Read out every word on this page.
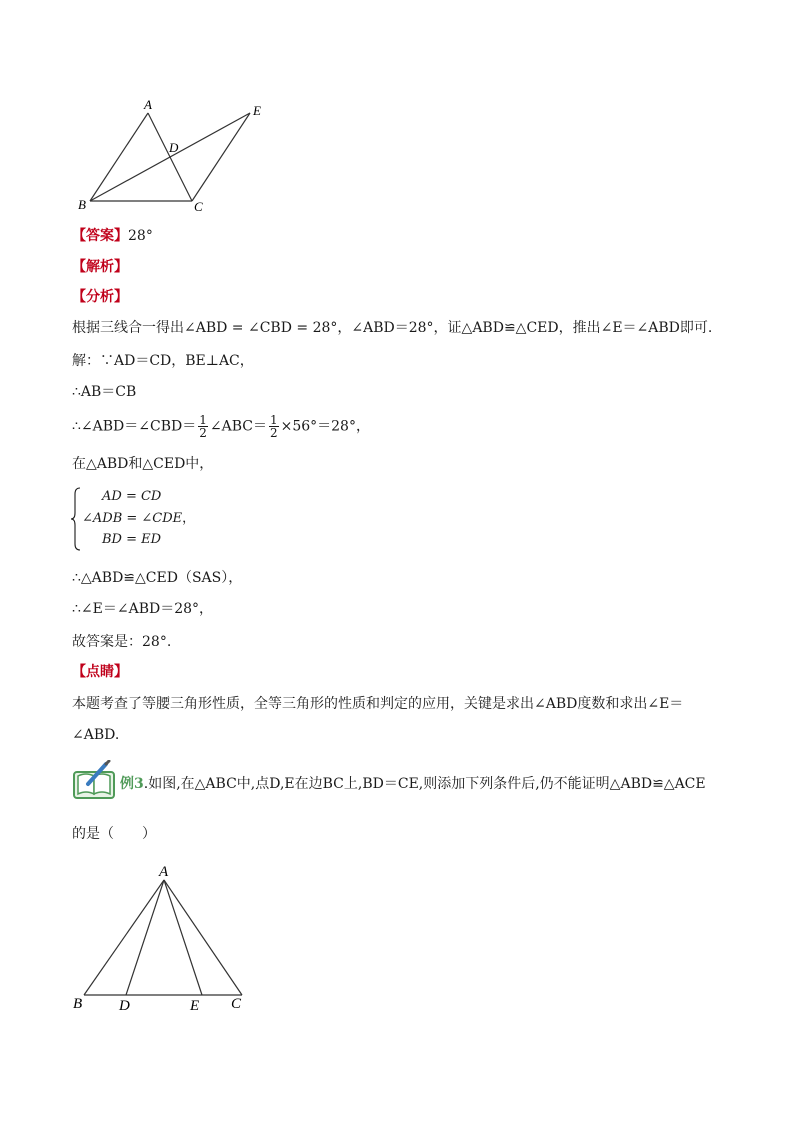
A
B	C
D
E
【答案】28°
【解析】
【分析】
根据三线合一得出∠ABD = ∠CBD = 28°，∠ABD＝28°，证△ABD≌△CED，推出∠E＝∠ABD即可.
解：∵AD＝CD，BE⊥AC，
∴AB＝CB
∴∠ABD＝∠CBD＝ $\frac{1}{2}$ ∠ABC＝ $\frac{1}{2} \times 56^\circ=28^\circ$，
在△ABD和△CED中，
AD = CD
∠ADB = ∠CDE，
BD = ED
∴△ABD≌△CED（SAS），
∴∠E＝∠ABD＝28°，
故答案是：28°.
【点睛】
本题考查了等腰三角形性质，全等三角形的性质和判定的应用，关键是求出∠ABD度数和求出∠E＝
∠ABD.
例3.如图,在△ABC中,点D,E在边BC上,BD＝CE,则添加下列条件后,仍不能证明△ABD≌△ACE
的是（　　）
A
B D	E C
